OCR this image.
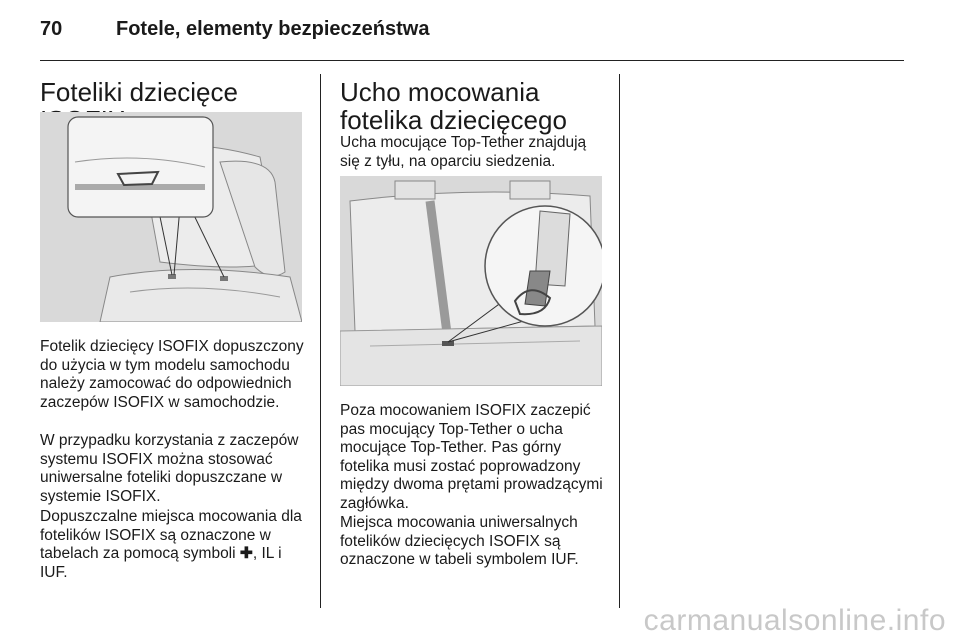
70	Fotele, elementy bezpieczeństwa
Foteliki dziecięce
Fotelik dziecięcy ISOFIX dopuszczony do użycia w tym modelu samochodu należy zamocować do odpowiednich zaczepów ISOFIX w samochodzie.
W przypadku korzystania z zaczepów systemu ISOFIX można stosować uniwersalne foteliki dopuszczane w systemie ISOFIX.
Dopuszczalne miejsca mocowania dla fotelików ISOFIX są oznaczone w tabelach za pomocą symboli ✚, IL i IUF.
Ucho mocowania fotelika dziecięcego
Ucha mocujące Top-Tether znajdują się z tyłu, na oparciu siedzenia.
Poza mocowaniem ISOFIX zaczepić pas mocujący Top-Tether o ucha mocujące Top-Tether. Pas górny fotelika musi zostać poprowadzony między dwoma prętami prowadzącymi zagłówka.
Miejsca mocowania uniwersalnych fotelików dziecięcych ISOFIX są oznaczone w tabeli symbolem IUF.
carmanualsonline.info
